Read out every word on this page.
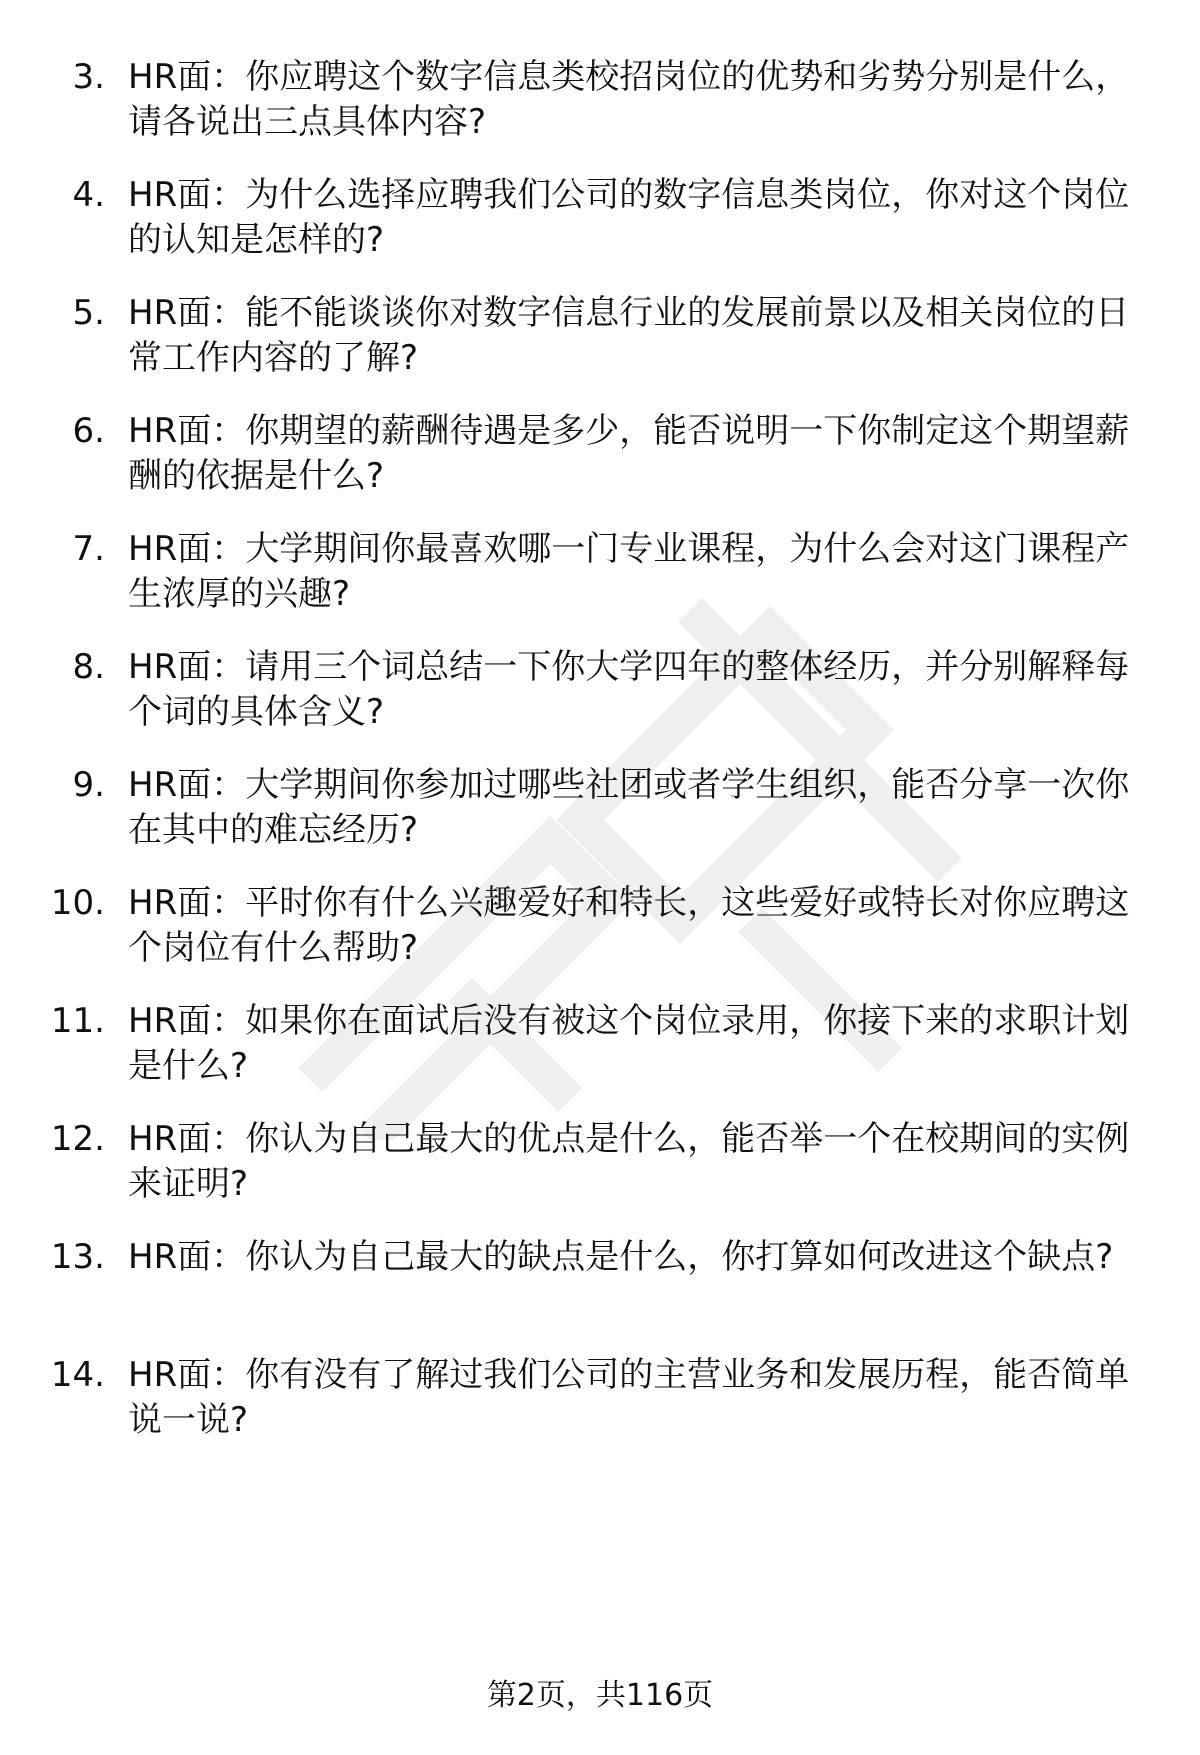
3. HR面：你应聘这个数字信息类校招岗位的优势和劣势分别是什么，请各说出三点具体内容?
4. HR面：为什么选择应聘我们公司的数字信息类岗位，你对这个岗位的认知是怎样的?
5. HR面：能不能谈谈你对数字信息行业的发展前景以及相关岗位的日常工作内容的了解?
6. HR面：你期望的薪酬待遇是多少，能否说明一下你制定这个期望薪酬的依据是什么?
7. HR面：大学期间你最喜欢哪一门专业课程，为什么会对这门课程产生浓厚的兴趣?
8. HR面：请用三个词总结一下你大学四年的整体经历，并分别解释每个词的具体含义?
9. HR面：大学期间你参加过哪些社团或者学生组织，能否分享一次你在其中的难忘经历?
10. HR面：平时你有什么兴趣爱好和特长，这些爱好或特长对你应聘这个岗位有什么帮助?
11. HR面：如果你在面试后没有被这个岗位录用，你接下来的求职计划是什么?
12. HR面：你认为自己最大的优点是什么，能否举一个在校期间的实例来证明?
13. HR面：你认为自己最大的缺点是什么，你打算如何改进这个缺点?
14. HR面：你有没有了解过我们公司的主营业务和发展历程，能否简单说一说?
第2页，共116页
